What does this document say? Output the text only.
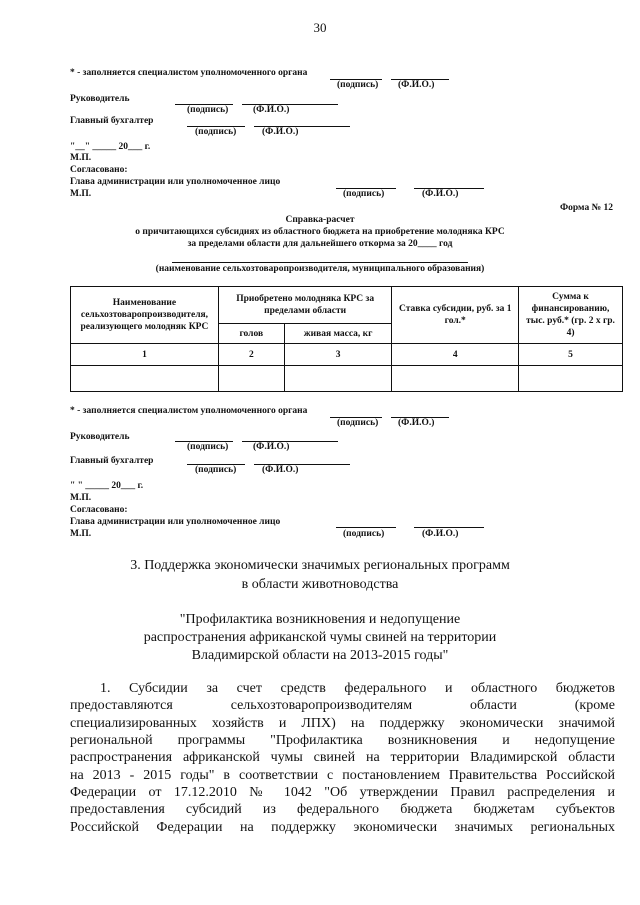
30
* - заполняется специалистом уполномоченного органа
(подпись) (Ф.И.О.)
Руководитель
(подпись)	(Ф.И.О.)
Главный бухгалтер
(подпись)	(Ф.И.О.)
"__" _____ 20___ г.
М.П.
Согласовано:
Глава администрации или уполномоченное лицо
М.П.	(подпись)	(Ф.И.О.)
Форма № 12
Справка-расчет
о причитающихся субсидиях из областного бюджета на приобретение молодняка КРС
за пределами области для дальнейшего откорма за 20____ год
(наименование сельхозтоваропроизводителя, муниципального образования)
Наименование сельхозтоваропроизводителя, реализующего молодняк КРС	Приобретено молодняка КРС за пределами области		Ставка субсидии, руб. за 1 гол.*	Сумма к финансированию, тыс. руб.* (гр. 2 х гр. 4)
	голов	живая масса, кг		
1	2	3	4	5

* - заполняется специалистом уполномоченного органа
(подпись) (Ф.И.О.)
Руководитель
(подпись)	(Ф.И.О.)
Главный бухгалтер
(подпись)	(Ф.И.О.)
" " _____ 20___ г.
М.П.
Согласовано:
Глава администрации или уполномоченное лицо
М.П.	(подпись)	(Ф.И.О.)
3. Поддержка экономически значимых региональных программ
в области животноводства
"Профилактика возникновения и недопущение
распространения африканской чумы свиней на территории
Владимирской области на 2013-2015 годы"
1. Субсидии за счет средств федерального и областного бюджетов
предоставляются сельхозтоваропроизводителям области (кроме
специализированных хозяйств и ЛПХ) на поддержку экономически значимой
региональной программы "Профилактика возникновения и недопущение
распространения африканской чумы свиней на территории Владимирской области
на 2013 - 2015 годы" в соответствии с постановлением Правительства Российской
Федерации от 17.12.2010 № 1042 "Об утверждении Правил распределения и
предоставления субсидий из федерального бюджета бюджетам субъектов
Российской Федерации на поддержку экономически значимых региональных
